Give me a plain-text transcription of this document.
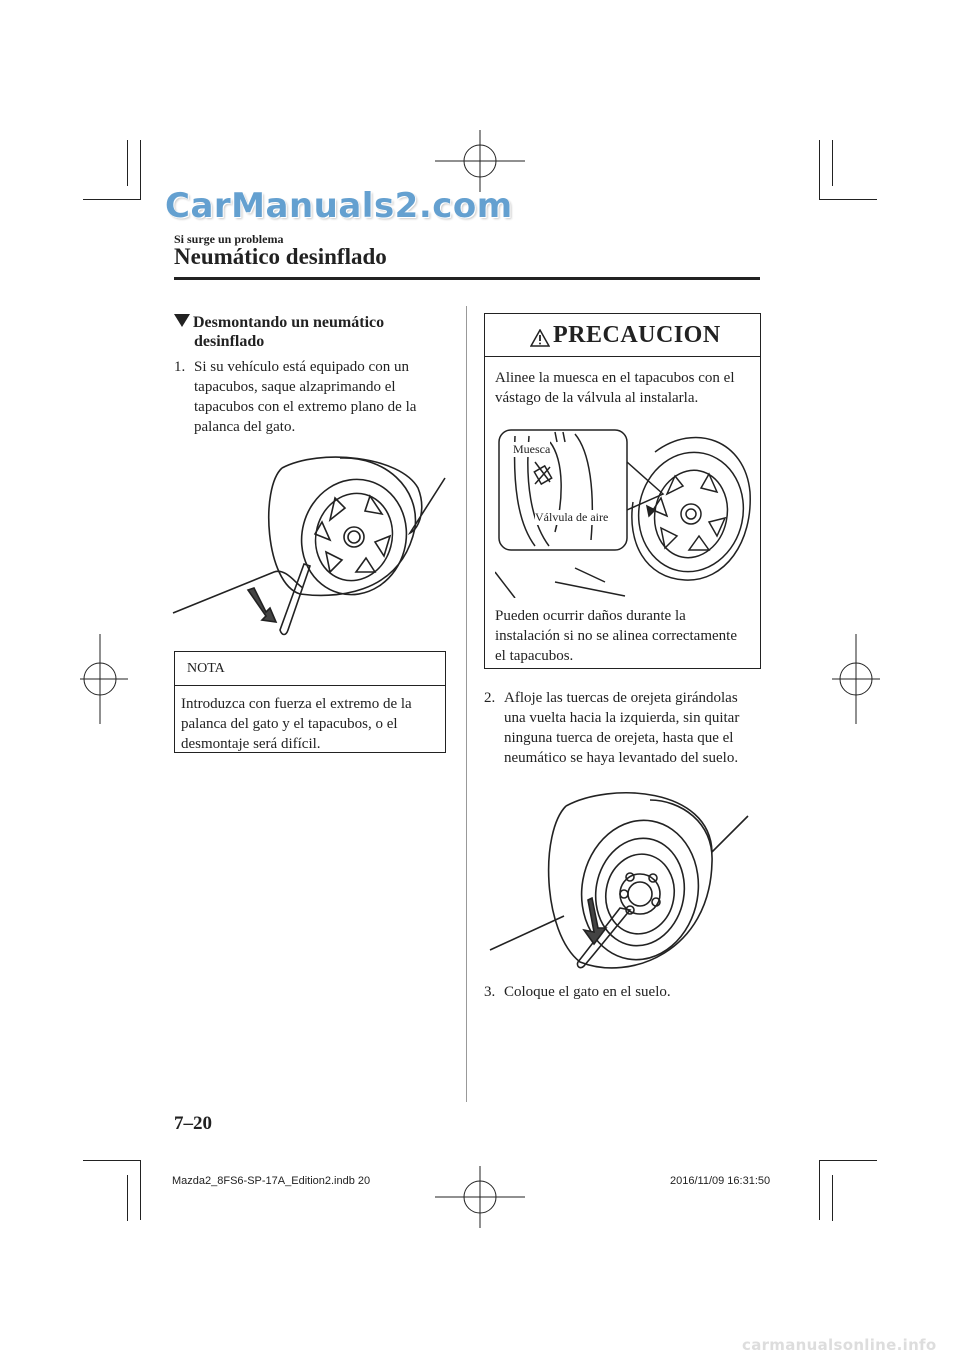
CarManuals2.com
Si surge un problema
Neumático desinflado
Desmontando un neumático
desinflado
1. Si su vehículo está equipado con un
tapacubos, saque alzaprimando el
tapacubos con el extremo plano de la
palanca del gato.
NOTA
Introduzca con fuerza el extremo de la
palanca del gato y el tapacubos, o el
desmontaje será difícil.
PRECAUCION
Alinee la muesca en el tapacubos con el
vástago de la válvula al instalarla.
Muesca
Válvula de aire
Pueden ocurrir daños durante la
instalación si no se alinea correctamente
el tapacubos.
2. Afloje las tuercas de orejeta girándolas
una vuelta hacia la izquierda, sin quitar
ninguna tuerca de orejeta, hasta que el
neumático se haya levantado del suelo.
3. Coloque el gato en el suelo.
7–20
Mazda2_8FS6-SP-17A_Edition2.indb 20	2016/11/09 16:31:50
carmanualsonline.info
